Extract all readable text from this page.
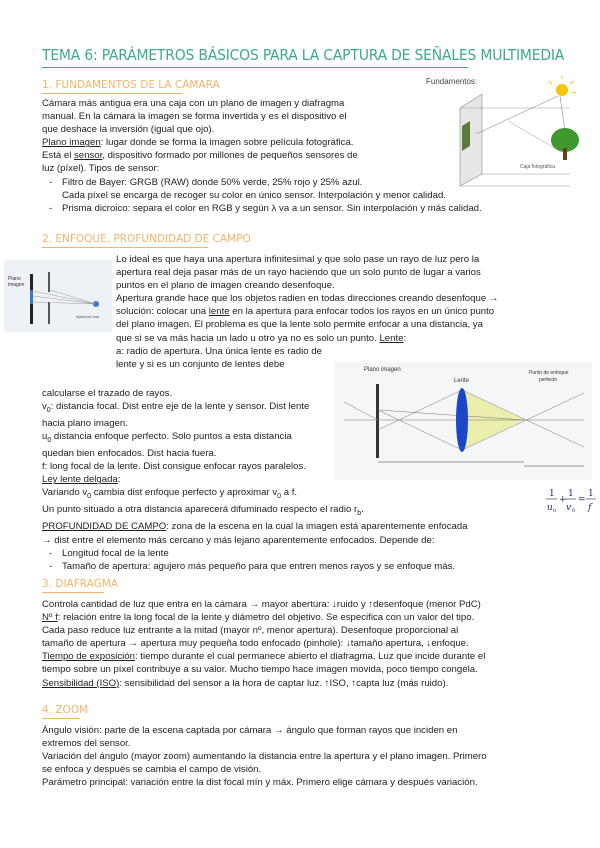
TEMA 6: PARÁMETROS BÁSICOS PARA LA CAPTURA DE SEÑALES MULTIMEDIA
1. FUNDAMENTOS DE LA CÁMARA
Cámara más antigua era una caja con un plano de imagen y diafragma
manual. En la cámara la imagen se forma invertida y es el dispositivo el
que deshace la inversión (igual que ojo).
Plano imagen: lugar donde se forma la imagen sobre película fotográfica.
Está el sensor, dispositivo formado por millones de pequeños sensores de
luz (píxel). Tipos de sensor:
- Filtro de Bayer: GRGB (RAW) donde 50% verde, 25% rojo y 25% azul.
Cada píxel se encarga de recoger su color en único sensor. Interpolación y menor calidad.
- Prisma dicroico: separa el color en RGB y según λ va a un sensor. Sin interpolación y más calidad.
Fundamentos:
Caja fotográfica
2. ENFOQUE. PROFUNDIDAD DE CAMPO
Plano
imagen
Apertura real
Lo ideal es que haya una apertura infinitesimal y que solo pase un rayo de luz pero la
apertura real deja pasar más de un rayo haciendo que un solo punto de lugar a varios
puntos en el plano de imagen creando desenfoque.
Apertura grande hace que los objetos radien en todas direcciones creando desenfoque →
solución: colocar una lente en la apertura para enfocar todos los rayos en un único punto
del plano imagen. El problema es que la lente solo permite enfocar a una distancia, ya
que si se va más hacia un lado u otro ya no es solo un punto. Lente:
a: radio de apertura. Una única lente es radio de
lente y si es un conjunto de lentes debe
calcularse el trazado de rayos.
$v_0$: distancia focal. Dist entre eje de la lente y sensor. Dist lente
hacia plano imagen.
$u_0$ distancia enfoque perfecto. Solo puntos a esta distancia
quedan bien enfocados. Dist hacia fuera.
f: long focal de la lente. Dist consigue enfocar rayos paralelos.
Ley lente delgada:
Variando $v_0$ cambia dist enfoque perfecto y aproximar $v_0$ a f.
Un punto situado a otra distancia aparecerá difuminado respecto el radio $r_b$.
PROFUNDIDAD DE CAMPO: zona de la escena en la cual la imagen está aparentemente enfocada
→ dist entre el elemento más cercano y más lejano aparentemente enfocados. Depende de:
- Longitud focal de la lente
- Tamaño de apertura: agujero más pequeño para que entren menos rayos y se enfoque más.
Plano imagen
Lente
Punto de enfoque
perfecto
1
u 0
+
1
v 0
=
1
f
3. DIAFRAGMA
Controla cantidad de luz que entra en la cámara → mayor abertura: ↓ruido y ↑desenfoque (menor PdC)
Nº f: relación entre la long focal de la lente y diámetro del objetivo. Se especifica con un valor del tipo.
Cada paso reduce luz entrante a la mitad (mayor nº, menor apertura). Desenfoque proporcional al
tamaño de apertura → apertura muy pequeña todo enfocado (pinhole): ↓tamaño apertura, ↓enfoque.
Tiempo de exposición: tiempo durante el cual permanece abierto el diafragma. Luz que incide durante el
tiempo sobre un píxel contribuye a su valor. Mucho tiempo hace imagen movida, poco tiempo congela.
Sensibilidad (ISO): sensibilidad del sensor a la hora de captar luz. ↑ISO, ↑capta luz (más ruido).
4. ZOOM
Ángulo visión: parte de la escena captada por cámara → ángulo que forman rayos que inciden en
extremos del sensor.
Variación del ángulo (mayor zoom) aumentando la distancia entre la apertura y el plano imagen. Primero
se enfoca y después se cambia el campo de visión.
Parámetro principal: variación entre la dist focal mín y máx. Primero elige cámara y después variación.
